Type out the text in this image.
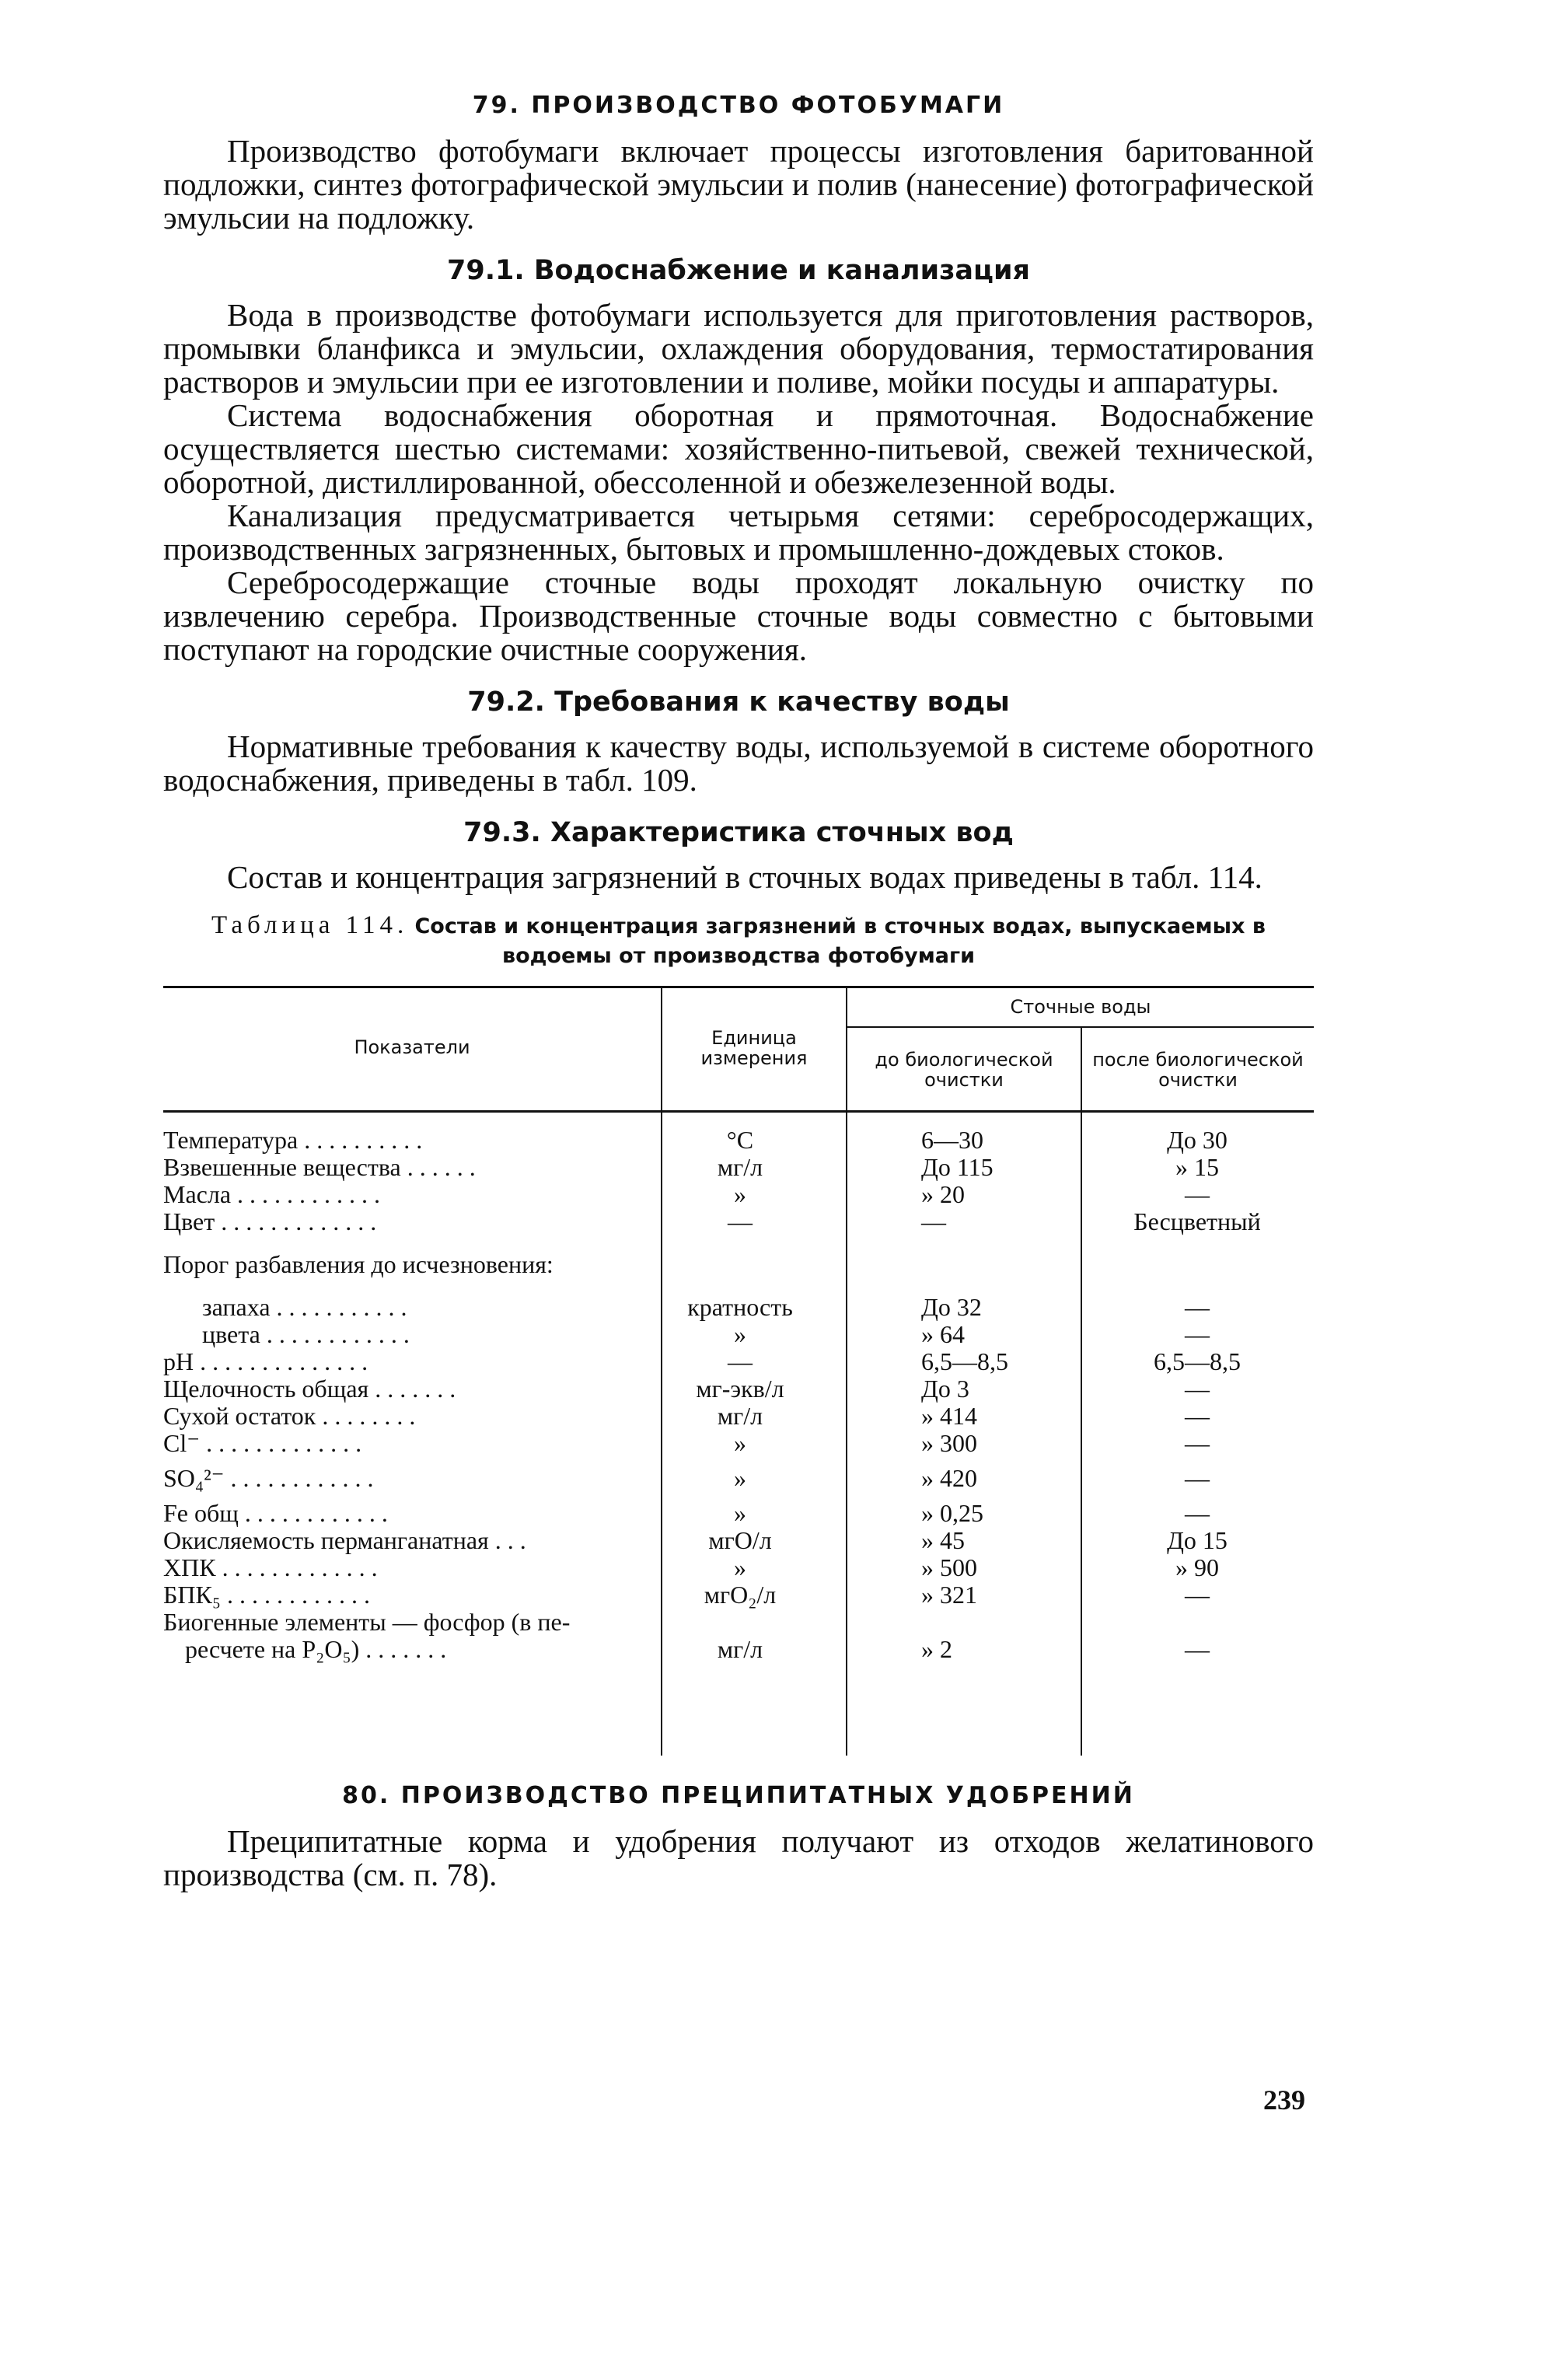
79. ПРОИЗВОДСТВО ФОТОБУМАГИ

Производство фотобумаги включает процессы изготовления баритованной подложки, синтез фотографической эмульсии и полив (нанесение) фотографической эмульсии на подложку.

79.1. Водоснабжение и канализация

Вода в производстве фотобумаги используется для приготовления растворов, промывки бланфикса и эмульсии, охлаждения оборудования, термостатирования растворов и эмульсии при ее изготовлении и поливе, мойки посуды и аппаратуры.

Система водоснабжения оборотная и прямоточная. Водоснабжение осуществляется шестью системами: хозяйственно-питьевой, свежей технической, оборотной, дистиллированной, обессоленной и обезжелезенной воды.

Канализация предусматривается четырьмя сетями: серебросодержащих, производственных загрязненных, бытовых и промышленно-дождевых стоков.

Серебросодержащие сточные воды проходят локальную очистку по извлечению серебра. Производственные сточные воды совместно с бытовыми поступают на городские очистные сооружения.

79.2. Требования к качеству воды

Нормативные требования к качеству воды, используемой в системе оборотного водоснабжения, приведены в табл. 109.

79.3. Характеристика сточных вод

Состав и концентрация загрязнений в сточных водах приведены в табл. 114.

Таблица 114. Состав и концентрация загрязнений в сточных водах, выпускаемых в водоемы от производства фотобумаги
Показатели	Единица измерения
Сточные воды
до биологической очистки
после биологической очистки
Температура . . . . . . . . . .	°С	6—30	До 30
Взвешенные вещества . . . . . .	мг/л	До 115	» 15
Масла . . . . . . . . . . . .	»	» 20	—
Цвет . . . . . . . . . . . . .	—	—	Бесцветный
Порог разбавления до исчезновения:
запаха . . . . . . . . . . .	кратность	До 32	—
цвета . . . . . . . . . . . .	»	» 64	—
pH . . . . . . . . . . . . . .	—	6,5—8,5	6,5—8,5
Щелочность общая . . . . . . .	мг-экв/л	До 3	—
Сухой остаток . . . . . . . .	мг/л	» 414	—
Cl⁻ . . . . . . . . . . . . .	»	» 300	—
SO₄²⁻ . . . . . . . . . . . .	»	» 420	—
Fe общ . . . . . . . . . . . .	»	» 0,25	—
Окисляемость перманганатная . . .	мгО/л	» 45	До 15
ХПК . . . . . . . . . . . . .	»	» 500	» 90
БПК₅ . . . . . . . . . . . .	мгO₂/л	» 321	—
Биогенные элементы — фосфор (в пе-
ресчете на P₂O₅) . . . . . . .	мг/л	» 2	—
80. ПРОИЗВОДСТВО ПРЕЦИПИТАТНЫХ УДОБРЕНИЙ

Преципитатные корма и удобрения получают из отходов желатинового производства (см. п. 78).

239
